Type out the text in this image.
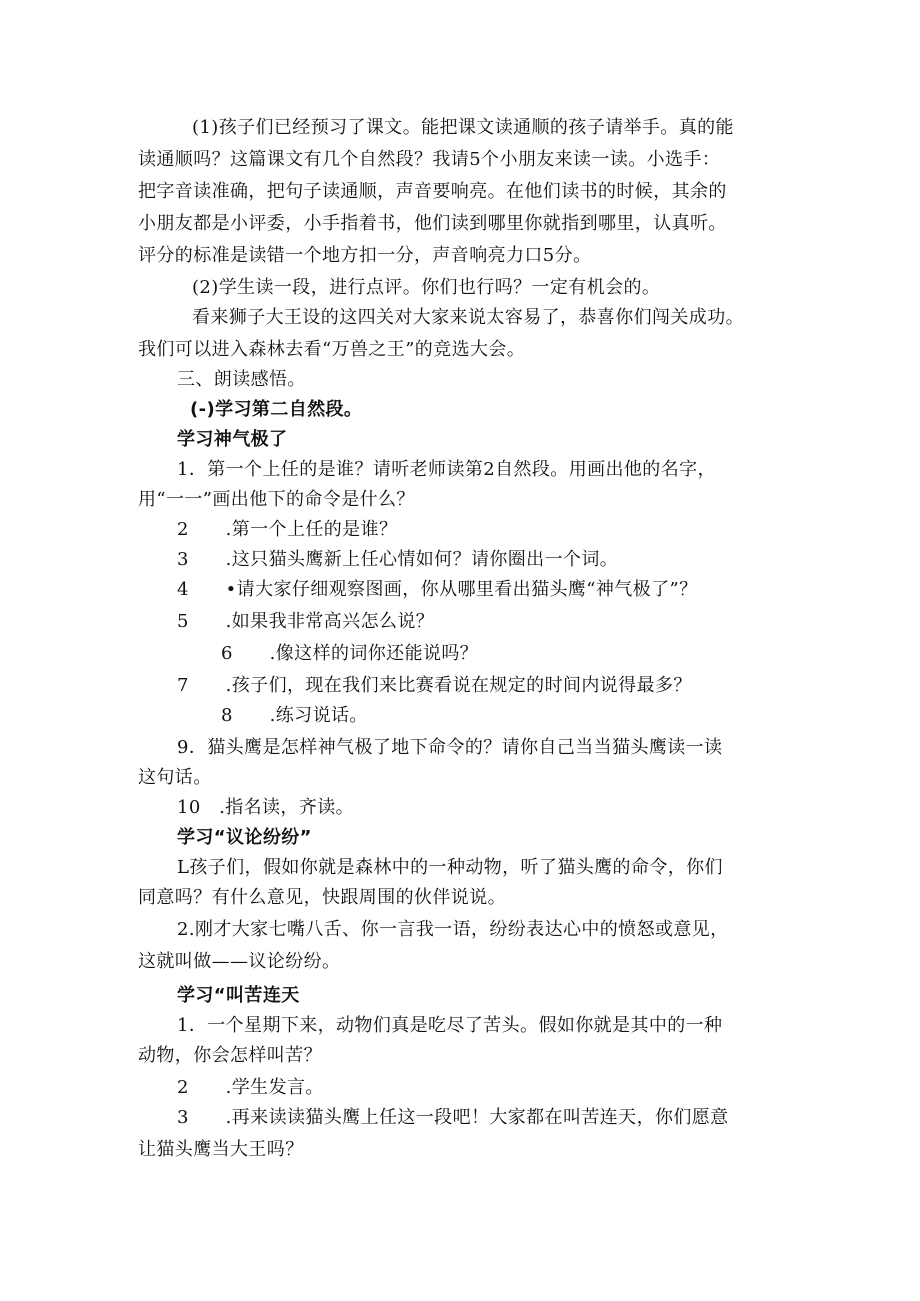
(1)孩子们已经预习了课文。能把课文读通顺的孩子请举手。真的能
读通顺吗？这篇课文有几个自然段？我请5个小朋友来读一读。小选手：
把字音读准确，把句子读通顺，声音要响亮。在他们读书的时候，其余的
小朋友都是小评委，小手指着书，他们读到哪里你就指到哪里，认真听。
评分的标准是读错一个地方扣一分，声音响亮力口5分。
(2)学生读一段，进行点评。你们也行吗？一定有机会的。
看来狮子大王设的这四关对大家来说太容易了，恭喜你们闯关成功。
我们可以进入森林去看“万兽之王”的竞选大会。
三、朗读感悟。
(-)学习第二自然段。
学习神气极了
1．第一个上任的是谁？请听老师读第2自然段。用画出他的名字，
用“一一”画出他下的命令是什么？
2　　.第一个上任的是谁？
3　　.这只猫头鹰新上任心情如何？请你圈出一个词。
4　　•请大家仔细观察图画，你从哪里看出猫头鹰“神气极了”？
5　　.如果我非常高兴怎么说？
6　　.像这样的词你还能说吗？
7　　.孩子们，现在我们来比赛看说在规定的时间内说得最多？
8　　.练习说话。
9．猫头鹰是怎样神气极了地下命令的？请你自己当当猫头鹰读一读
这句话。
10　.指名读，齐读。
学习“议论纷纷”
L孩子们，假如你就是森林中的一种动物，听了猫头鹰的命令，你们
同意吗？有什么意见，快跟周围的伙伴说说。
2.刚才大家七嘴八舌、你一言我一语，纷纷表达心中的愤怒或意见，
这就叫做——议论纷纷。
学习“叫苦连天
1．一个星期下来，动物们真是吃尽了苦头。假如你就是其中的一种
动物，你会怎样叫苦？
2　　.学生发言。
3　　.再来读读猫头鹰上任这一段吧！大家都在叫苦连天，你们愿意
让猫头鹰当大王吗？
